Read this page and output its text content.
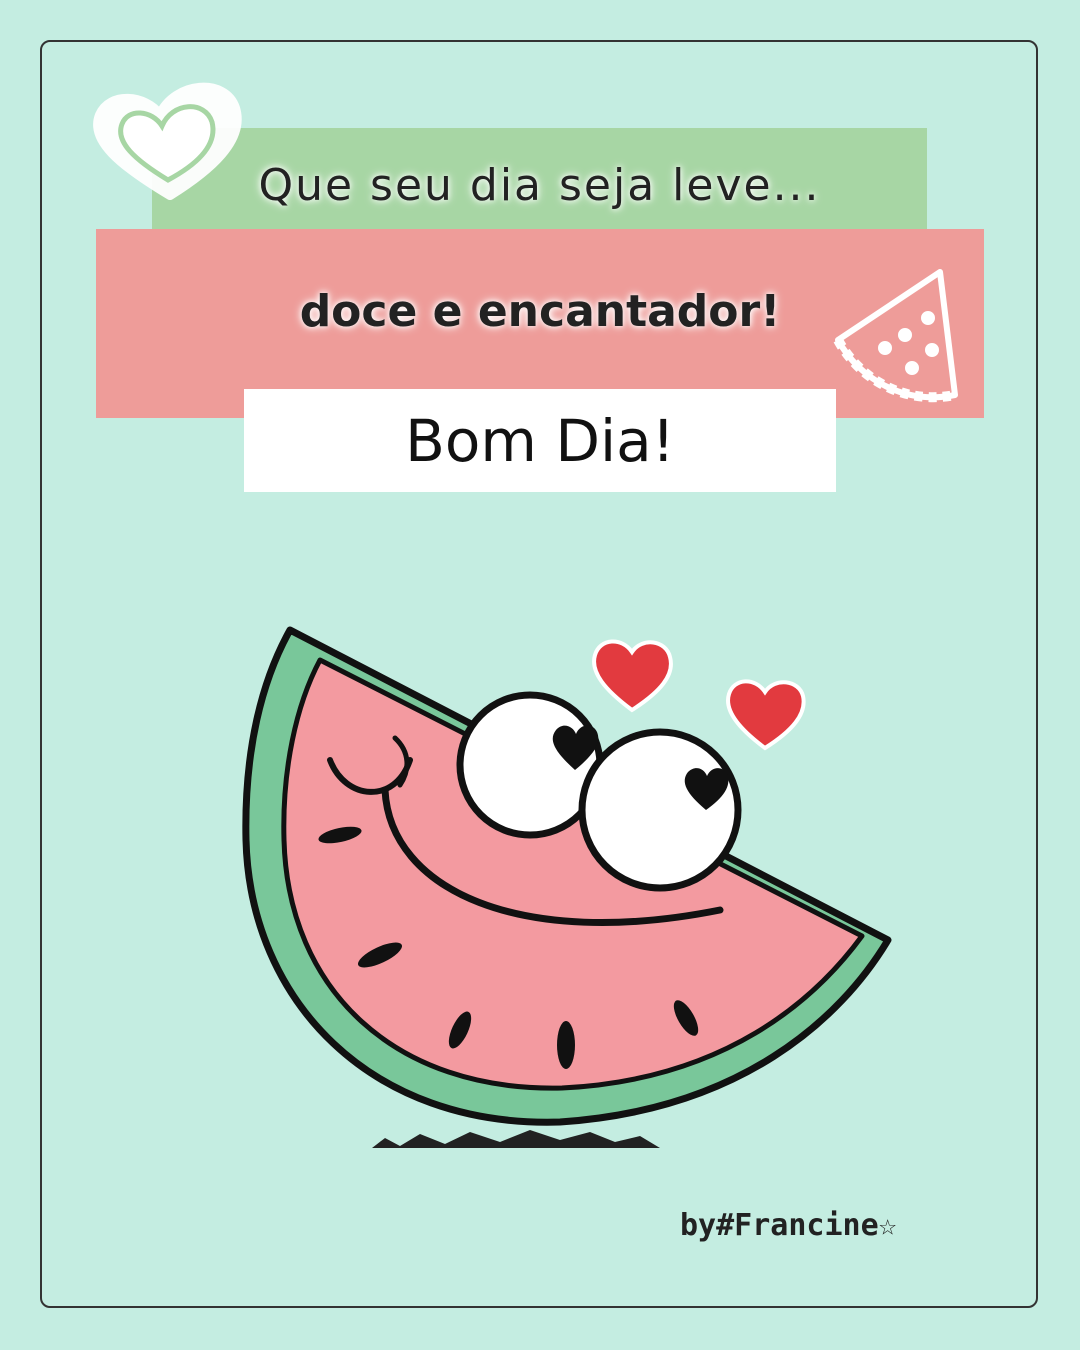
Que seu dia seja leve...
doce e encantador!
Bom Dia!
by#Francine☆
